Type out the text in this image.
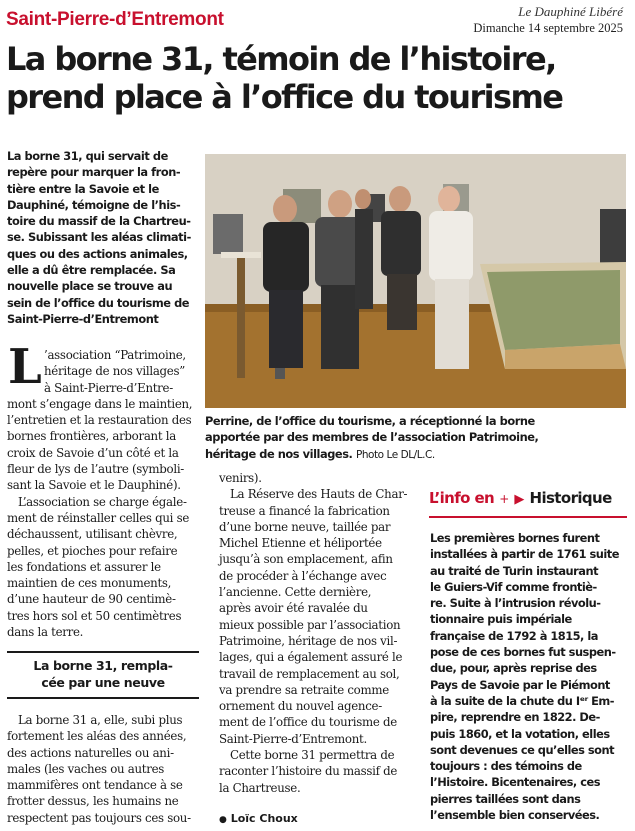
Saint-Pierre-d’Entremont	Le Dauphiné Libéré
Dimanche 14 septembre 2025
La borne 31, témoin de l’histoire,
prend place à l’office du tourisme
La borne 31, qui servait de
repère pour marquer la fron-
tière entre la Savoie et le
Dauphiné, témoigne de l’his-
toire du massif de la Chartreu-
se. Subissant les aléas climati-
ques ou des actions animales,
elle a dû être remplacée. Sa
nouvelle place se trouve au
sein de l’office du tourisme de
Saint-Pierre-d’Entremont
L ’association “Patrimoine,
héritage de nos villages”
à Saint-Pierre-d’Entre-
mont s’engage dans le maintien,
l’entretien et la restauration des
bornes frontières, arborant la
croix de Savoie d’un côté et la
fleur de lys de l’autre (symboli-
sant la Savoie et le Dauphiné).
L’association se charge égale-
ment de réinstaller celles qui se
déchaussent, utilisant chèvre,
pelles, et pioches pour refaire
les fondations et assurer le
maintien de ces monuments,
d’une hauteur de 90 centimè-
tres hors sol et 50 centimètres
dans la terre.
La borne 31, rempla-
cée par une neuve
La borne 31 a, elle, subi plus
fortement les aléas des années,
des actions naturelles ou ani-
males (les vaches ou autres
mammifères ont tendance à se
frotter dessus, les humains ne
respectent pas toujours ces sou-
Perrine, de l’office du tourisme, a réceptionné la borne
apportée par des membres de l’association Patrimoine,
héritage de nos villages. Photo Le DL/L.C.
venirs).
La Réserve des Hauts de Char-
treuse a financé la fabrication
d’une borne neuve, taillée par
Michel Etienne et héliportée
jusqu’à son emplacement, afin
de procéder à l’échange avec
l’ancienne. Cette dernière,
après avoir été ravalée du
mieux possible par l’association
Patrimoine, héritage de nos vil-
lages, qui a également assuré le
travail de remplacement au sol,
va prendre sa retraite comme
ornement du nouvel agence-
ment de l’office du tourisme de
Saint-Pierre-d’Entremont.
Cette borne 31 permettra de
raconter l’histoire du massif de
la Chartreuse.
● Loïc Choux
L’info en + ▶ Historique
Les premières bornes furent
installées à partir de 1761 suite
au traité de Turin instaurant
le Guiers-Vif comme frontiè-
re. Suite à l’intrusion révolu-
tionnaire puis impériale
française de 1792 à 1815, la
pose de ces bornes fut suspen-
due, pour, après reprise des
Pays de Savoie par le Piémont
à la suite de la chute du Iᵉʳ Em-
pire, reprendre en 1822. De-
puis 1860, et la votation, elles
sont devenues ce qu’elles sont
toujours : des témoins de
l’Histoire. Bicentenaires, ces
pierres taillées sont dans
l’ensemble bien conservées.
